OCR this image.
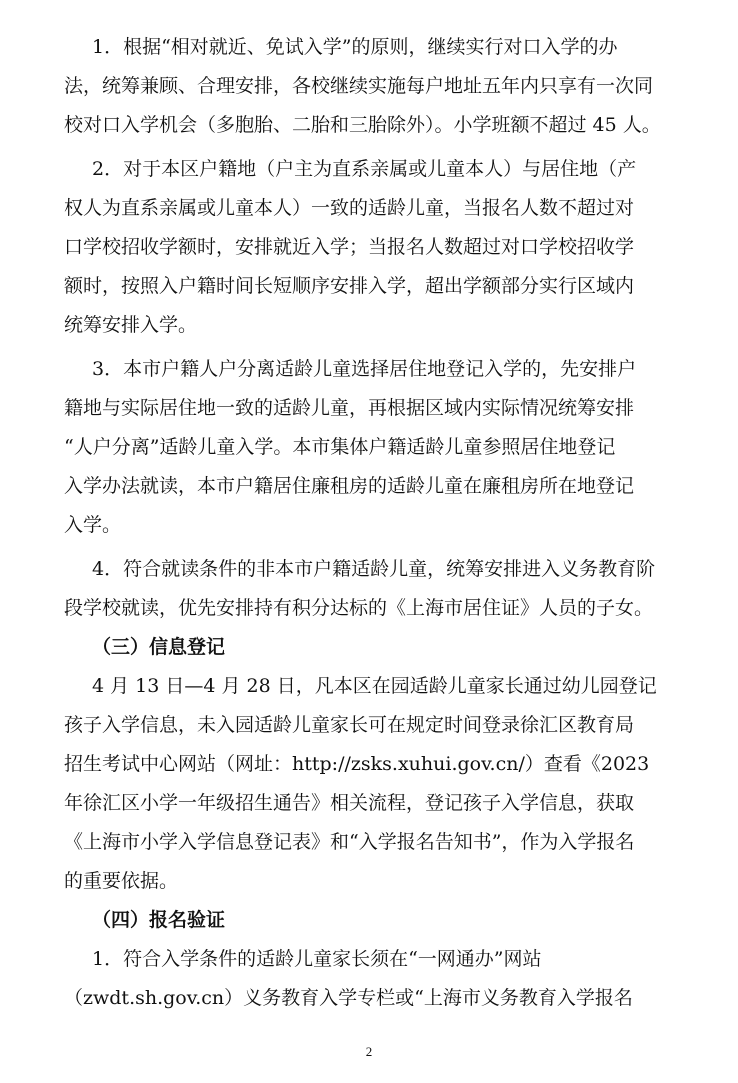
1．根据“相对就近、免试入学”的原则，继续实行对口入学的办
法，统筹兼顾、合理安排，各校继续实施每户地址五年内只享有一次同
校对口入学机会（多胞胎、二胎和三胎除外）。小学班额不超过 45 人。
2．对于本区户籍地（户主为直系亲属或儿童本人）与居住地（产
权人为直系亲属或儿童本人）一致的适龄儿童，当报名人数不超过对
口学校招收学额时，安排就近入学；当报名人数超过对口学校招收学
额时，按照入户籍时间长短顺序安排入学，超出学额部分实行区域内
统筹安排入学。
3．本市户籍人户分离适龄儿童选择居住地登记入学的，先安排户
籍地与实际居住地一致的适龄儿童，再根据区域内实际情况统筹安排
“人户分离”适龄儿童入学。本市集体户籍适龄儿童参照居住地登记
入学办法就读，本市户籍居住廉租房的适龄儿童在廉租房所在地登记
入学。
4．符合就读条件的非本市户籍适龄儿童，统筹安排进入义务教育阶
段学校就读，优先安排持有积分达标的《上海市居住证》人员的子女。
（三）信息登记
4 月 13 日—4 月 28 日，凡本区在园适龄儿童家长通过幼儿园登记
孩子入学信息，未入园适龄儿童家长可在规定时间登录徐汇区教育局
招生考试中心网站（网址：http://zsks.xuhui.gov.cn/）查看《2023
年徐汇区小学一年级招生通告》相关流程，登记孩子入学信息，获取
《上海市小学入学信息登记表》和“入学报名告知书”，作为入学报名
的重要依据。
（四）报名验证
1．符合入学条件的适龄儿童家长须在“一网通办”网站
（zwdt.sh.gov.cn）义务教育入学专栏或“上海市义务教育入学报名
2
